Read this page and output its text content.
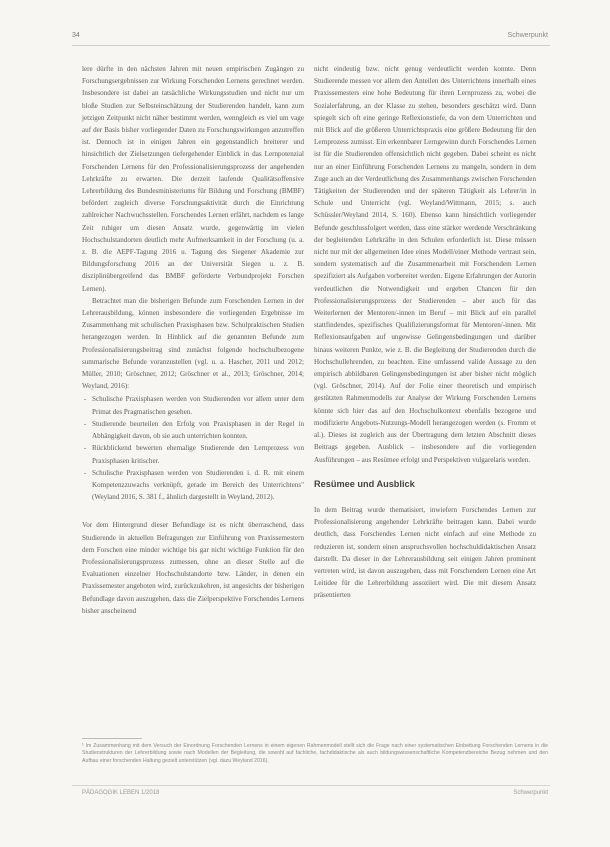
34	Schwerpunkt

lere dürfte in den nächsten Jahren mit neuen empirischen Zugängen zu Forschungsergebnissen zur Wirkung Forschenden Lernens gerechnet werden. Insbesondere ist dabei an tatsächliche Wirkungsstudien und nicht nur um bloße Studien zur Selbsteinschätzung der Studierenden handelt, kann zum jetzigen Zeitpunkt nicht näher bestimmt werden, wenngleich es viel um vage auf der Basis bisher vorliegender Daten zu Forschungswirkungen anzutreffen ist. Dennoch ist in einigen Jahren ein gegenstandlich breiterer und hinsichtlich der Zielsetzungen tiefergehender Einblick in das Lernpotenzial Forschenden Lernens für den Professionalisierungsprozess der angehenden Lehrkräfte zu erwarten. Die derzeit laufende Qualitätsoffensive Lehrerbildung des Bundesministeriums für Bildung und Forschung (BMBF) befördert zugleich diverse Forschungsaktivität durch die Einrichtung zahlreicher Nachwuchsstellen. Forschendes Lernen erfährt, nachdem es lange Zeit ruhiger um diesen Ansatz wurde, gegenwärtig im vielen Hochschulstandorten deutlich mehr Aufmerksamkeit in der Forschung (u. a. z. B. die AEPF-Tagung 2016 u. Tagung des Siegener Akademie zur Bildungsforschung 2016 an der Universität Siegen u. z. B. disziplinübergreifend das BMBF geförderte Verbundprojekt Forschen Lernen).

Betrachtet man die bisherigen Befunde zum Forschenden Lernen in der Lehrerausbildung, können insbesondere die vorliegenden Ergebnisse im Zusammenhang mit schulischen Praxisphasen bzw. Schulpraktischen Studien herangezogen werden. In Hinblick auf die genannten Befunde zum Professionalisierungsbeitrag sind zunächst folgende hochschulbezogene summarische Befunde voranzustellen (vgl. u. a. Hascher, 2011 und 2012; Müller, 2010; Gröschner, 2012; Gröschner et al., 2013; Gröschner, 2014; Weyland, 2016):

- Schulische Praxisphasen werden von Studierenden vor allem unter dem Primat des Pragmatischen gesehen.
- Studierende beurteilen den Erfolg von Praxisphasen in der Regel in Abhängigkeit davon, ob sie auch unterrichten konnten.
- Rückblickend bewerten ehemalige Studierende den Lernprozess von Praxisphasen kritischer.
- Schulische Praxisphasen werden von Studierenden i. d. R. mit einem Kompetenzzuwachs verknüpft, gerade im Bereich des Unterrichtens" (Weyland 2016, S. 381 f., ähnlich dargestellt in Weyland, 2012).

Vor dem Hintergrund dieser Befundlage ist es nicht überraschend, dass Studierende in aktuellen Befragungen zur Einführung von Praxissemestern dem Forschen eine minder wichtige bis gar nicht wichtige Funktion für den Professionalisierungsprozess zumessen, ohne an dieser Stelle auf die Evaluationen einzelner Hochschulstandorte bzw. Länder, in denen ein Praxissemester angeboten wird, zurückzukehren, ist angesichts der bisherigen Befundlage davon auszugehen, dass die Zielperspektive Forschendes Lernens bisher anscheinend

nicht eindeutig bzw. nicht genug verdeutlicht werden konnte. Denn Studierende messen vor allem den Anteilen des Unterrichtens innerhalb eines Praxissemesters eine hohe Bedeutung für ihren Lernprozess zu, wobei die Sozialerfahrung, an der Klasse zu stehen, besonders geschätzt wird. Dann spiegelt sich oft eine geringe Reflexionstiefe, da von dem Unterrichten und mit Blick auf die größeren Unterrichtspraxis eine größere Bedeutung für den Lernprozess zumisst. Ein erkennbarer Lerngewinn durch Forschendes Lernen ist für die Studierenden offensichtlich nicht gegeben. Dabei scheint es nicht nur an einer Einführung Forschenden Lernens zu mangeln, sondern in dem Zuge auch an der Verdeutlichung des Zusammenhangs zwischen Forschenden Tätigkeiten der Studierenden und der späteren Tätigkeit als Lehrer/in in Schule und Unterricht (vgl. Weyland/Wittmann, 2015; s. auch Schüssler/Weyland 2014, S. 160). Ebenso kann hinsichtlich vorliegender Befunde geschlussfolgert werden, dass eine stärker werdende Verschränkung der begleitenden Lehrkräfte in den Schulen erforderlich ist. Diese müssen nicht nur mit der allgemeinen Idee eines Modell/einer Methode vertraut sein, sondern systematisch auf die Zusammenarbeit mit Forschendem Lernen spezifiziert als Aufgaben vorbereitet werden. Eigene Erfahrungen der Autorin verdeutlichen die Notwendigkeit und ergeben Chancen für den Professionalisierungsprozess der Studierenden – aber auch für das Weiterlernen der Mentoren/-innen im Beruf – mit Blick auf ein parallel stattfindendes, spezifisches Qualifizierungsformat für Mentoren/-innen. Mit Reflexionsaufgaben auf ungewisse Gelingensbedingungen und darüber hinaus weiteren Punkte, wie z. B. die Begleitung der Studierenden durch die Hochschullehrenden, zu beachten. Eine umfassend valide Aussage zu den empirisch abbildbaren Gelingensbedingungen ist aber bisher nicht möglich (vgl. Gröschner, 2014). Auf der Folie einer theoretisch und empirisch gestützten Rahmenmodells zur Analyse der Wirkung Forschenden Lernens könnte sich hier das auf den Hochschulkontext ebenfalls bezogene und modifizierte Angebots-Nutzungs-Modell herangezogen werden (s. Fromm et al.). Dieses ist zugleich aus der Übertragung dem letzten Abschnitt dieses Beitrags gegeben. Ausblick – insbesondere auf die vorliegenden Ausführungen – aus Resümee erfolgt und Perspektiven vulgarelaris werden.

Resümee und Ausblick

In dem Beitrag wurde thematisiert, inwiefern Forschendes Lernen zur Professionalisierung angehender Lehrkräfte beitragen kann. Dabei wurde deutlich, dass Forschendes Lernen nicht einfach auf eine Methode zu reduzieren ist, sondern einen anspruchsvollen hochschuldidaktischen Ansatz darstellt. Da dieser in der Lehrerausbildung seit einigen Jahren prominent vertreten wird, ist davon auszugehen, dass mit Forschendem Lernen eine Art Leitidee für die Lehrerbildung assoziiert wird. Die mit diesem Ansatz präsentierten

¹ Im Zusammenhang mit dem Versuch der Einordnung Forschenden Lernens in einem eigenen Rahmenmodell stellt sich die Frage nach einer systematischen Einbettung Forschenden Lernens in die Studienstrukturen der Lehrerbildung sowie nach Modellen der Begleitung, die sowohl auf fachliche, fachdidaktische als auch bildungswissenschaftliche Kompetenzbereiche Bezug nehmen und den Aufbau einer forschenden Haltung gezielt unterstützen (vgl. dazu Weyland 2016).
PÄDAGOGIK LEBEN 1/2018	Schwerpunkt
